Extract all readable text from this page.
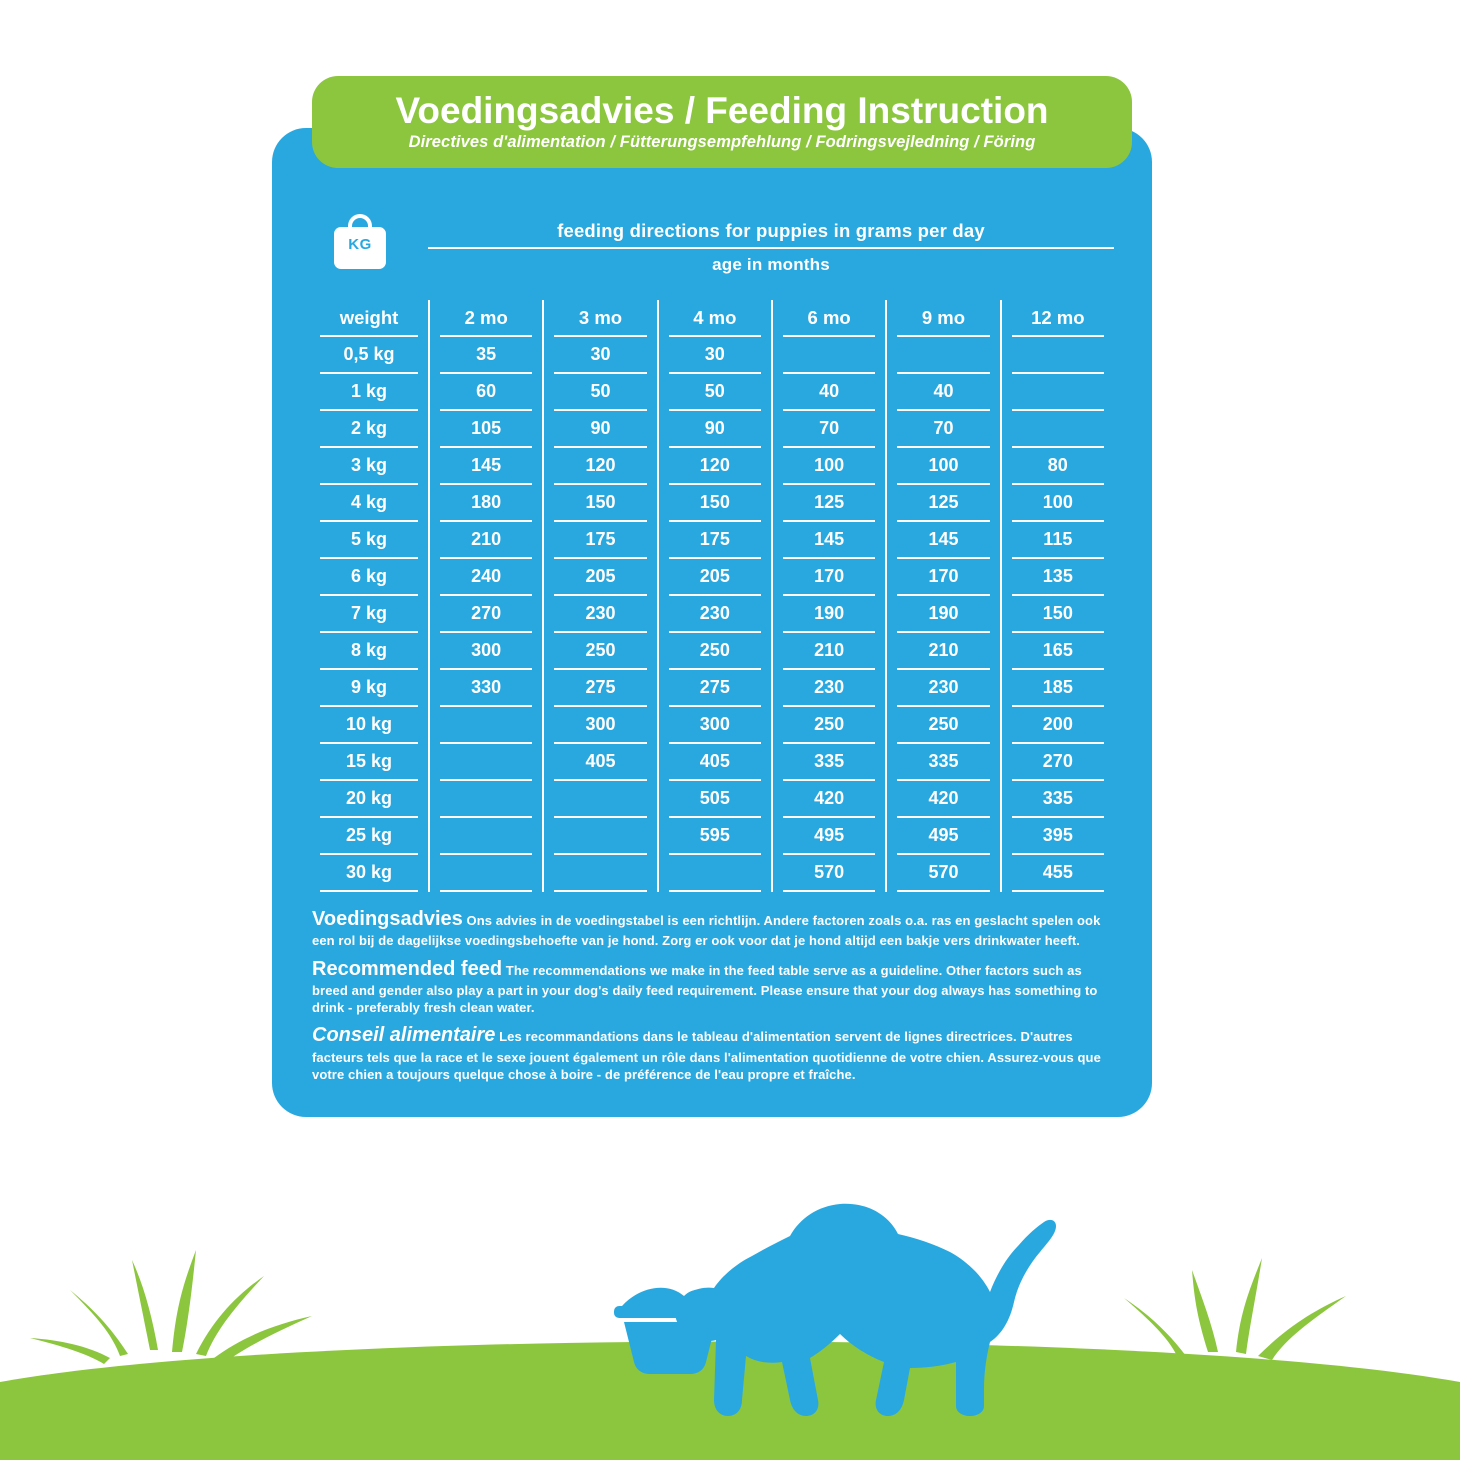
KG
feeding directions for puppies in grams per day
age in months
weight		2 mo		3 mo		4 mo		6 mo		9 mo		12 mo

0,5 kg		35		30		30						

1 kg		60		50		50		40		40		

2 kg		105		90		90		70		70		

3 kg		145		120		120		100		100		80

4 kg		180		150		150		125		125		100

5 kg		210		175		175		145		145		115

6 kg		240		205		205		170		170		135

7 kg		270		230		230		190		190		150

8 kg		300		250		250		210		210		165

9 kg		330		275		275		230		230		185

10 kg				300		300		250		250		200

15 kg				405		405		335		335		270

20 kg						505		420		420		335

25 kg						595		495		495		395

30 kg								570		570		455

Voedingsadvies Ons advies in de voedingstabel is een richtlijn. Andere factoren zoals o.a. ras en geslacht spelen ook een rol bij de dagelijkse voedingsbehoefte van je hond. Zorg er ook voor dat je hond altijd een bakje vers drinkwater heeft.

Recommended feed The recommendations we make in the feed table serve as a guideline. Other factors such as breed and gender also play a part in your dog's daily feed requirement. Please ensure that your dog always has something to drink - preferably fresh clean water.

Conseil alimentaire Les recommandations dans le tableau d'alimentation servent de lignes directrices. D'autres facteurs tels que la race et le sexe jouent également un rôle dans l'alimentation quotidienne de votre chien. Assurez-vous que votre chien a toujours quelque chose à boire - de préférence de l'eau propre et fraîche.

Voedingsadvies / Feeding Instruction
Directives d'alimentation / Fütterungsempfehlung / Fodringsvejledning / Föring
